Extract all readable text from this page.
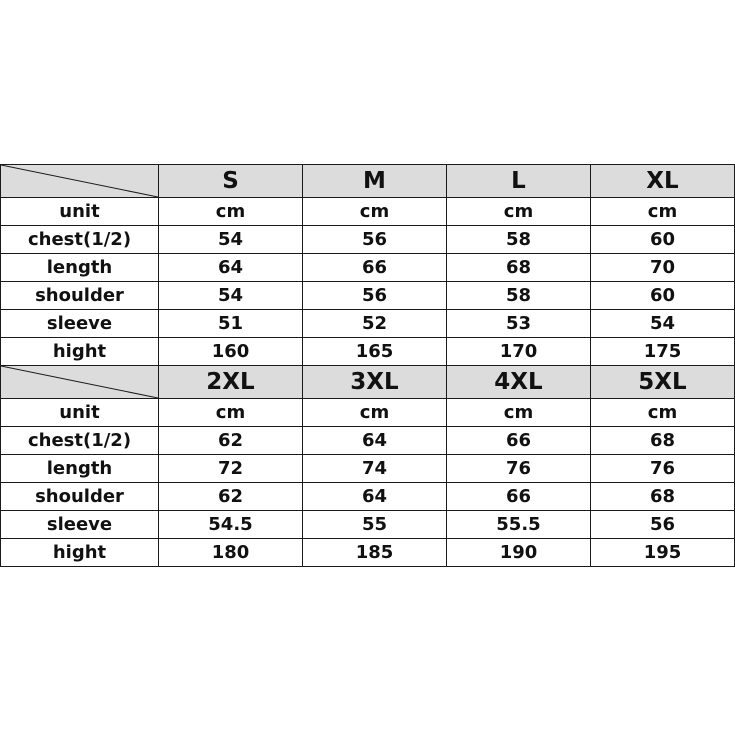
	S	M	L	XL
unit	cm	cm	cm	cm
chest(1/2)	54	56	58	60
length	64	66	68	70
shoulder	54	56	58	60
sleeve	51	52	53	54
hight	160	165	170	175

	2XL	3XL	4XL	5XL
unit	cm	cm	cm	cm
chest(1/2)	62	64	66	68
length	72	74	76	76
shoulder	62	64	66	68
sleeve	54.5	55	55.5	56
hight	180	185	190	195
